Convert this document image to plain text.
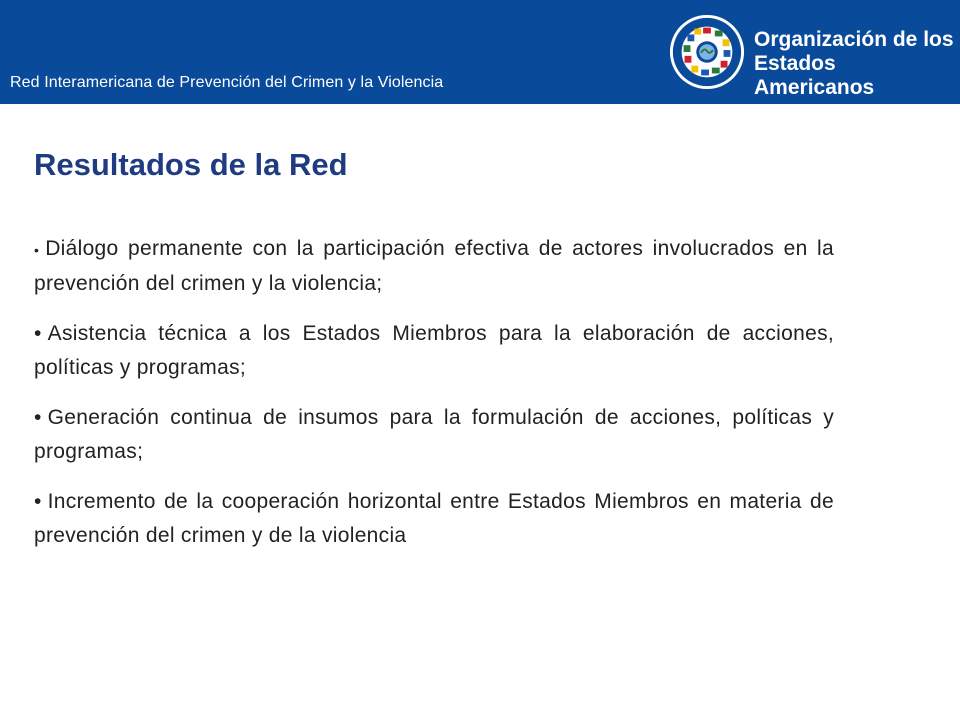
Red Interamericana de Prevención del Crimen y la Violencia
Organización de los
Estados Americanos
Resultados de la Red
• Diálogo permanente con la participación efectiva de actores involucrados en la prevención del crimen y la violencia;
• Asistencia técnica a los Estados Miembros para la elaboración de acciones, políticas y programas;
• Generación continua de insumos para la formulación de acciones, políticas y programas;
• Incremento de la cooperación horizontal entre Estados Miembros en materia de prevención del crimen y de la violencia
